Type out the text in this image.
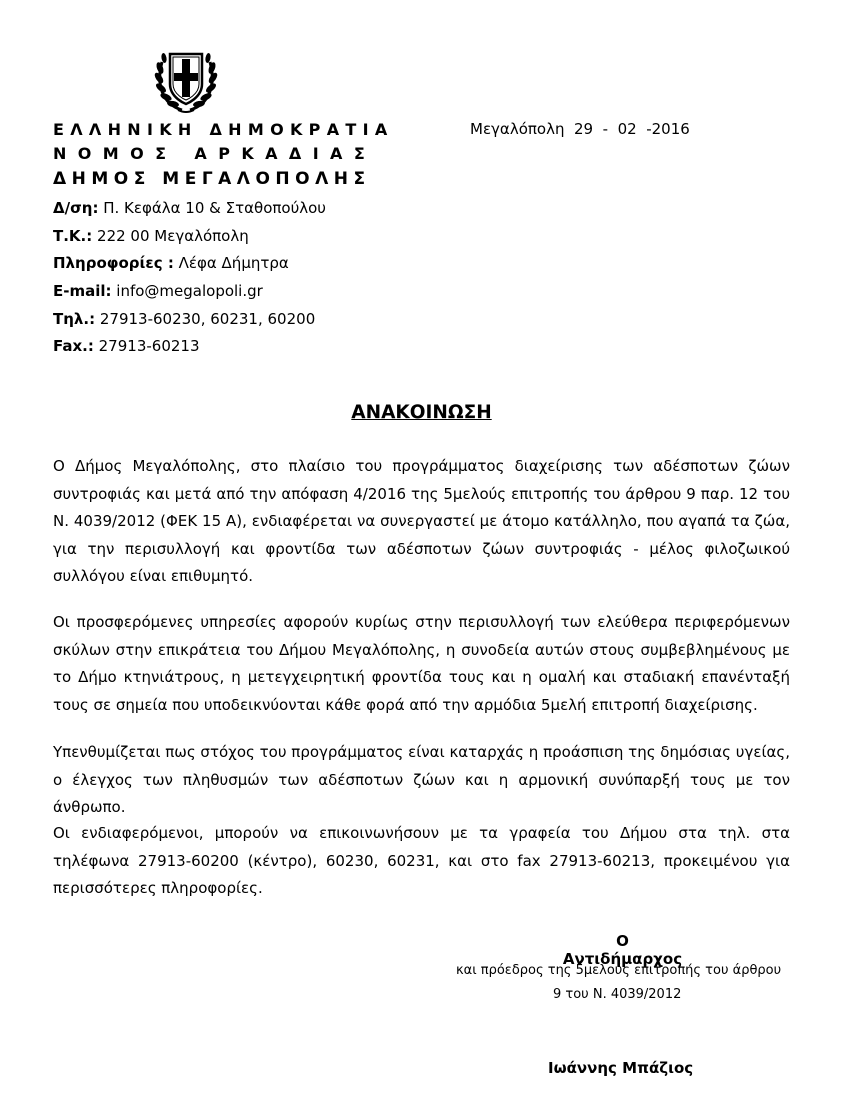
ΕΛΛΗΝΙΚΗ ΔΗΜΟΚΡΑΤΙΑ
ΝΟΜΟΣ ΑΡΚΑΔΙΑΣ
ΔΗΜΟΣ ΜΕΓΑΛΟΠΟΛΗΣ
Μεγαλόπολη  29  -  02  -2016
Δ/ση: Π. Κεφάλα 10 & Σταθοπούλου
Τ.Κ.: 222 00 Μεγαλόπολη
Πληροφορίες : Λέφα Δήμητρα
E-mail: info@megalopoli.gr
Τηλ.: 27913-60230, 60231, 60200
Fax.: 27913-60213
ΑΝΑΚΟΙΝΩΣΗ

Ο Δήμος Μεγαλόπολης, στο πλαίσιο του προγράμματος διαχείρισης των αδέσποτων ζώων συντροφιάς και μετά από την απόφαση 4/2016 της 5μελούς επιτροπής του άρθρου 9 παρ. 12 του Ν. 4039/2012 (ΦΕΚ 15 Α), ενδιαφέρεται να συνεργαστεί με άτομο κατάλληλο, που αγαπά τα ζώα, για την περισυλλογή και φροντίδα των αδέσποτων ζώων συντροφιάς - μέλος φιλοζωικού συλλόγου είναι επιθυμητό.

Οι προσφερόμενες υπηρεσίες αφορούν κυρίως στην περισυλλογή των ελεύθερα περιφερόμενων σκύλων στην επικράτεια του Δήμου Μεγαλόπολης, η συνοδεία αυτών στους συμβεβλημένους με το Δήμο κτηνιάτρους, η μετεγχειρητική φροντίδα τους και η ομαλή και σταδιακή επανένταξή τους σε σημεία που υποδεικνύονται κάθε φορά από την αρμόδια 5μελή επιτροπή διαχείρισης.

Υπενθυμίζεται πως στόχος του προγράμματος είναι καταρχάς η προάσπιση της δημόσιας υγείας, ο έλεγχος των πληθυσμών των αδέσποτων ζώων και η αρμονική συνύπαρξή τους με τον άνθρωπο.

Οι ενδιαφερόμενοι, μπορούν να επικοινωνήσουν με τα γραφεία του Δήμου στα τηλ. στα τηλέφωνα 27913-60200 (κέντρο), 60230, 60231, και στο fax 27913-60213, προκειμένου για περισσότερες πληροφορίες.

Ο Αντιδήμαρχος
και πρόεδρος της 5μελούς επιτροπής του άρθρου
9 του Ν. 4039/2012
Ιωάννης Μπάζιος
